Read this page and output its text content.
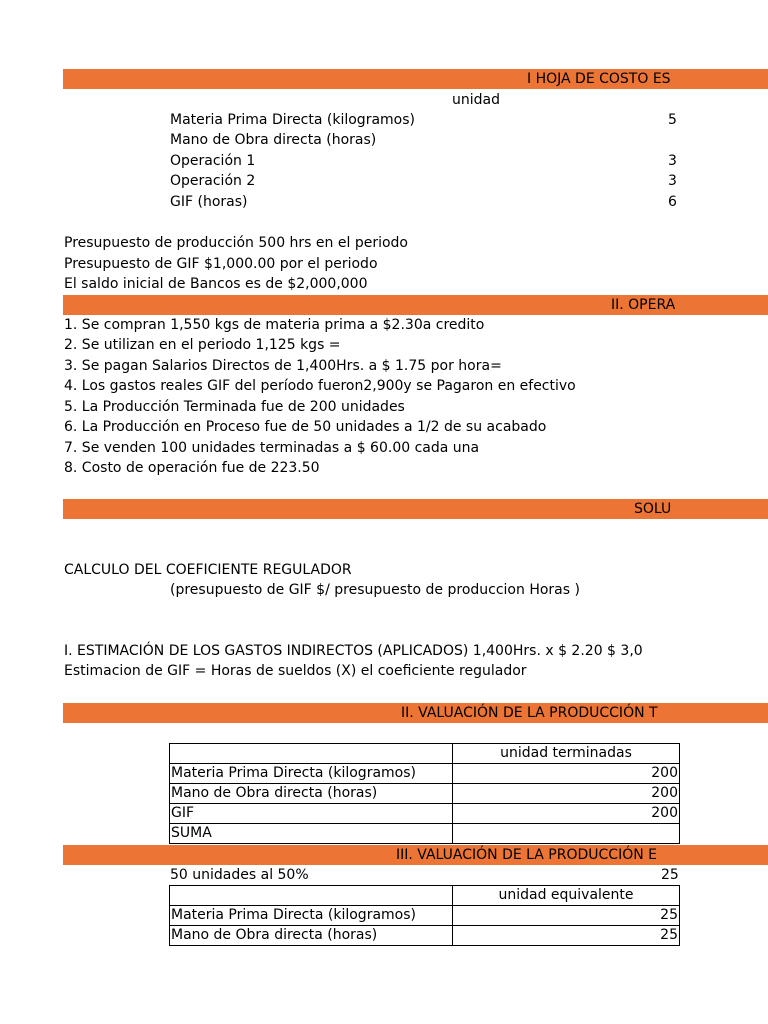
I HOJA DE COSTO ES
unidad
Materia Prima Directa (kilogramos)	5
Mano de Obra directa (horas)
Operación 1	3
Operación 2	3
GIF (horas)	6
Presupuesto de producción 500 hrs en el periodo
Presupuesto de GIF $1,000.00 por el periodo
El saldo inicial de Bancos es de $2,000,000
II. OPERA
1. Se compran 1,550 kgs de materia prima a $2.30a credito
2. Se utilizan en el periodo 1,125 kgs =
3. Se pagan Salarios Directos de 1,400Hrs. a $ 1.75 por hora=
4. Los gastos reales GIF del período fueron2,900y se Pagaron en efectivo
5. La Producción Terminada fue de 200 unidades
6. La Producción en Proceso fue de 50 unidades a 1/2 de su acabado
7. Se venden 100 unidades terminadas a $ 60.00 cada una
8. Costo de operación fue de 223.50
SOLU
CALCULO DEL COEFICIENTE REGULADOR
(presupuesto de GIF $/ presupuesto de produccion Horas )
I. ESTIMACIÓN DE LOS GASTOS INDIRECTOS (APLICADOS) 1,400Hrs. x $ 2.20 $ 3,0
Estimacion de GIF = Horas de sueldos (X) el coeficiente regulador
II. VALUACIÓN DE LA PRODUCCIÓN T
	unidad terminadas
Materia Prima Directa (kilogramos)	200
Mano de Obra directa (horas)	200
GIF	200
SUMA	
III. VALUACIÓN DE LA PRODUCCIÓN E
50 unidades al 50%	25
	unidad equivalente
Materia Prima Directa (kilogramos)	25
Mano de Obra directa (horas)	25
